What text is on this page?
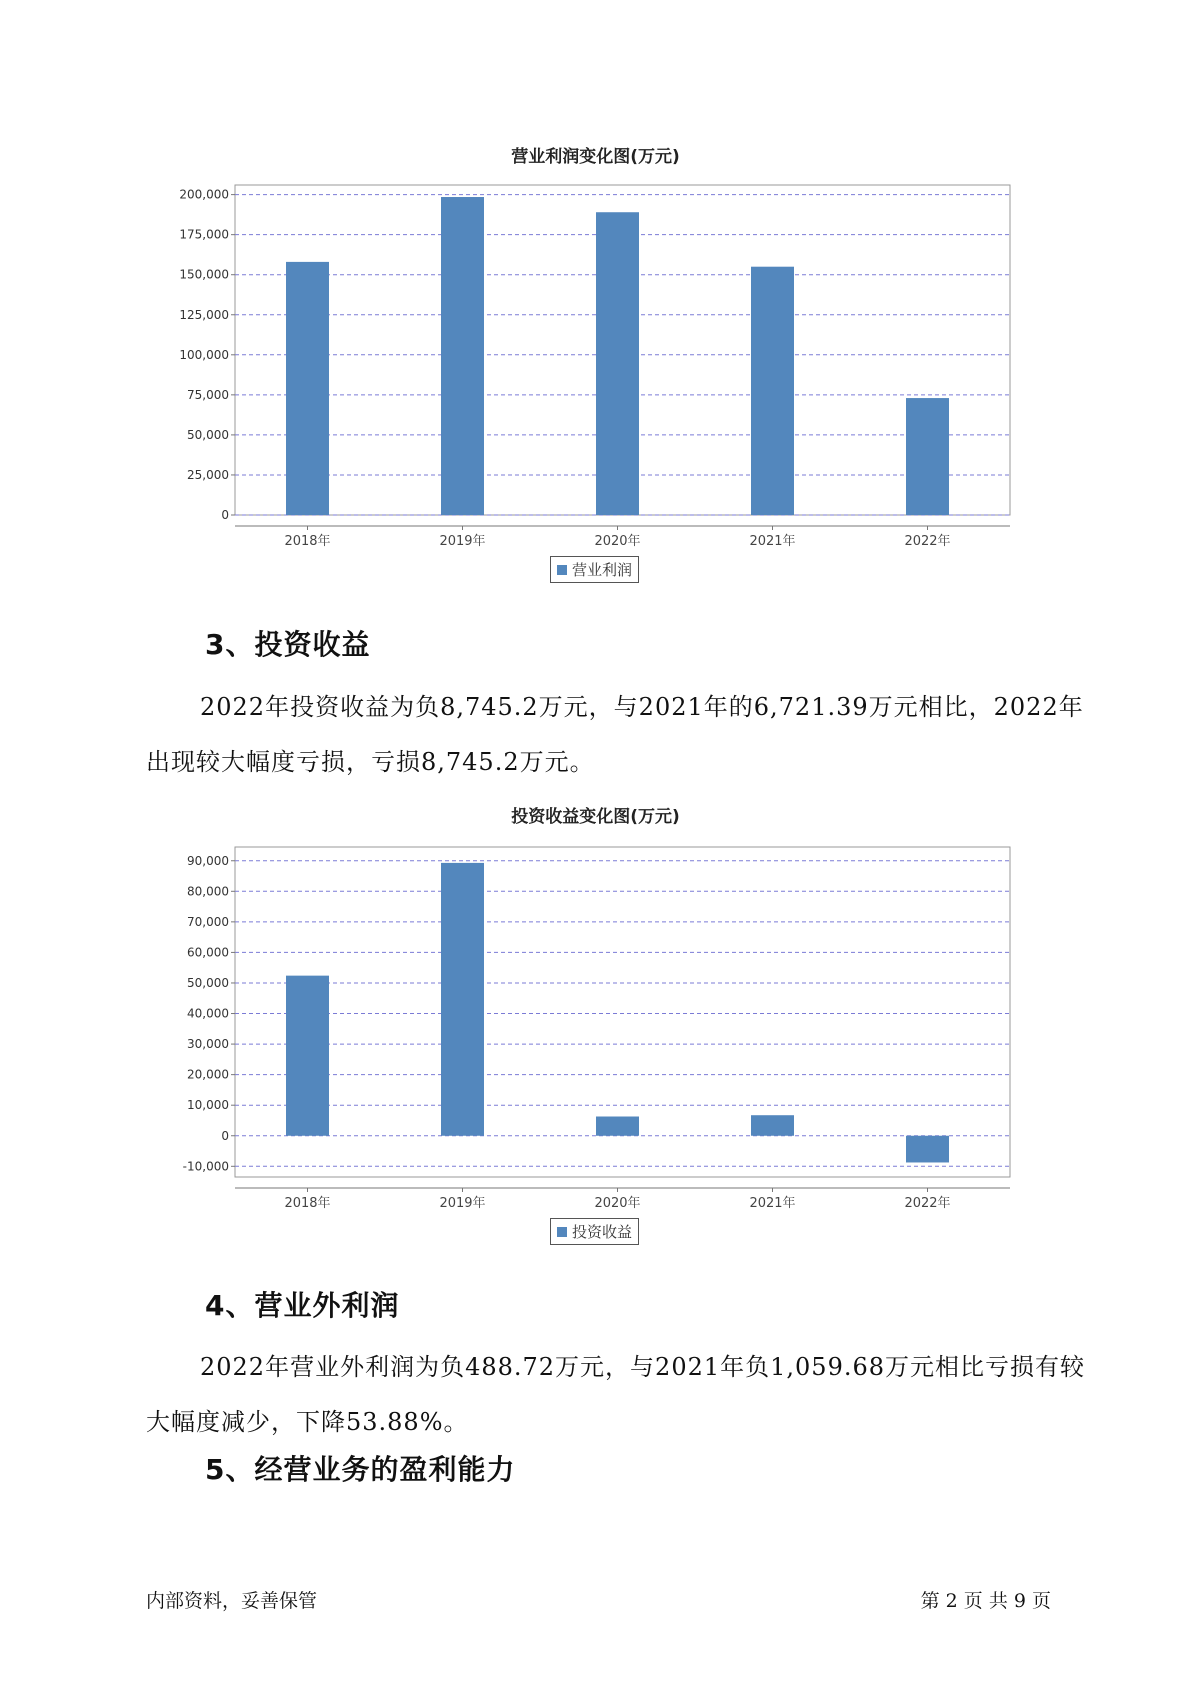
营业利润变化图(万元)
0
25,000
50,000
75,000
100,000
125,000
150,000
175,000
200,000
2018年	2019年	2020年	2021年	2022年
营业利润
3、投资收益

2022年投资收益为负8,745.2万元，与2021年的6,721.39万元相比，2022年出现较大幅度亏损，亏损8,745.2万元。

投资收益变化图(万元)
-10,000
0
10,000
20,000
30,000
40,000
50,000
60,000
70,000
80,000
90,000
2018年	2019年	2020年	2021年	2022年
投资收益
4、营业外利润

2022年营业外利润为负488.72万元，与2021年负1,059.68万元相比亏损有较大幅度减少，下降53.88%。

5、经营业务的盈利能力
内部资料，妥善保管	第 2 页 共 9 页
